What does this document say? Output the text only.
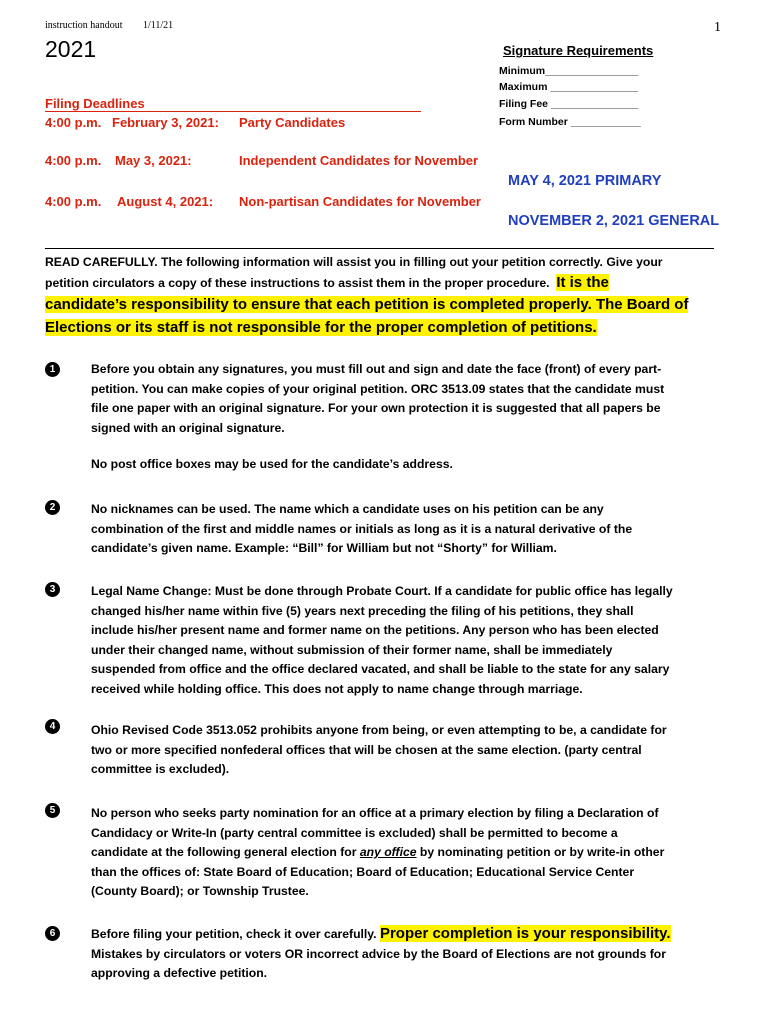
instruction handout 1/11/21	1
2021	Signature Requirements
Minimum________________
Maximum _______________
Filing Fee _______________
Form Number ____________
Filing Deadlines
4:00 p.m. February 3, 2021: Party Candidates
4:00 p.m. May 3, 2021:	Independent Candidates for November
4:00 p.m. August 4, 2021: Non-partisan Candidates for November
MAY 4, 2021 PRIMARY
NOVEMBER 2, 2021 GENERAL
READ CAREFULLY. The following information will assist you in filling out your petition correctly. Give your
petition circulators a copy of these instructions to assist them in the proper procedure. It is the
candidate’s responsibility to ensure that each petition is completed properly. The Board of
Elections or its staff is not responsible for the proper completion of petitions.
1	Before you obtain any signatures, you must fill out and sign and date the face (front) of every part-
petition. You can make copies of your original petition. ORC 3513.09 states that the candidate must
file one paper with an original signature. For your own protection it is suggested that all papers be
signed with an original signature.
No post office boxes may be used for the candidate’s address.
2	No nicknames can be used. The name which a candidate uses on his petition can be any
combination of the first and middle names or initials as long as it is a natural derivative of the
candidate’s given name. Example: “Bill” for William but not “Shorty” for William.
3	Legal Name Change: Must be done through Probate Court. If a candidate for public office has legally
changed his/her name within five (5) years next preceding the filing of his petitions, they shall
include his/her present name and former name on the petitions. Any person who has been elected
under their changed name, without submission of their former name, shall be immediately
suspended from office and the office declared vacated, and shall be liable to the state for any salary
received while holding office. This does not apply to name change through marriage.
4	Ohio Revised Code 3513.052 prohibits anyone from being, or even attempting to be, a candidate for
two or more specified nonfederal offices that will be chosen at the same election. (party central
committee is excluded).
5	No person who seeks party nomination for an office at a primary election by filing a Declaration of
Candidacy or Write-In (party central committee is excluded) shall be permitted to become a
candidate at the following general election for any office by nominating petition or by write-in other
than the offices of: State Board of Education; Board of Education; Educational Service Center
(County Board); or Township Trustee.
6	Before filing your petition, check it over carefully. Proper completion is your responsibility.
Mistakes by circulators or voters OR incorrect advice by the Board of Elections are not grounds for
approving a defective petition.
